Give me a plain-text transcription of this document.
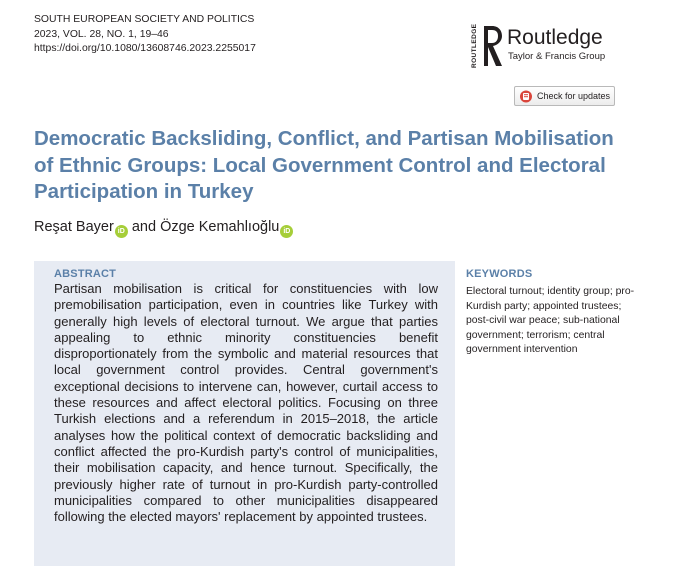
SOUTH EUROPEAN SOCIETY AND POLITICS
2023, VOL. 28, NO. 1, 19–46
https://doi.org/10.1080/13608746.2023.2255017	ROUTLEDGE Routledge
Taylor & Francis Group
Check for updates
Democratic Backsliding, Conflict, and Partisan Mobilisation of Ethnic Groups: Local Government Control and Electoral Participation in Turkey
Reşat Bayer iD and Özge Kemahlıoğlu iD
ABSTRACT

Partisan mobilisation is critical for constituencies with low premobilisation participation, even in countries like Turkey with generally high levels of electoral turnout. We argue that parties appealing to ethnic minority constituencies benefit disproportionately from the symbolic and material resources that local government control provides. Central government's exceptional decisions to intervene can, however, curtail access to these resources and affect electoral politics. Focusing on three Turkish elections and a referendum in 2015–2018, the article analyses how the political context of democratic backsliding and conflict affected the pro-Kurdish party's control of municipalities, their mobilisation capacity, and hence turnout. Specifically, the previously higher rate of turnout in pro-Kurdish party-controlled municipalities compared to other municipalities disappeared following the elected mayors' replacement by appointed trustees.

KEYWORDS

Electoral turnout; identity group; pro-Kurdish party; appointed trustees; post-civil war peace; sub-national government; terrorism; central government intervention
